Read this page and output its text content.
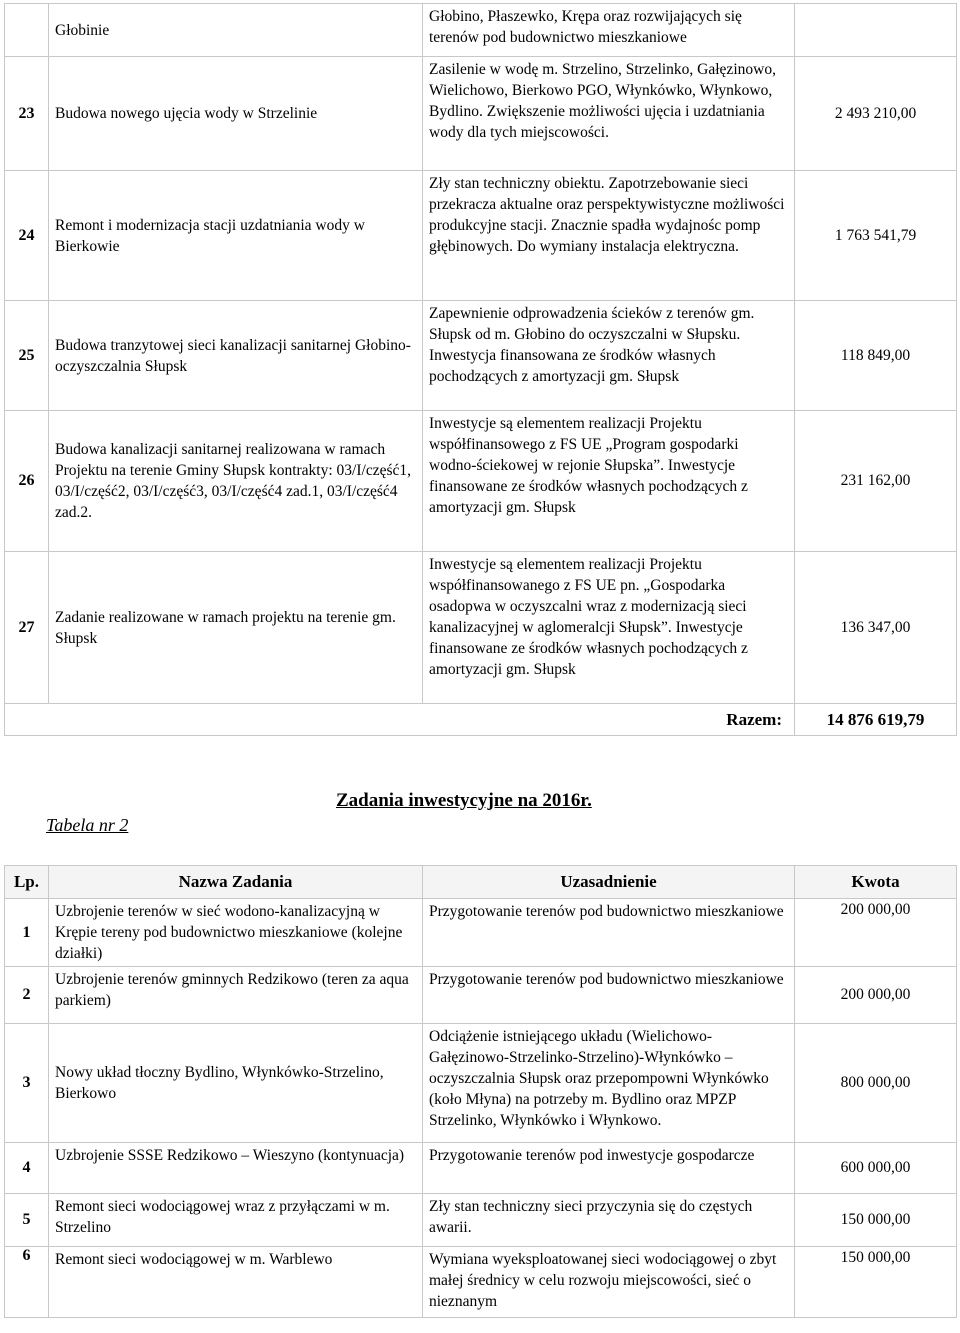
	Głobinie	Głobino, Płaszewko, Krępa oraz rozwijających się terenów pod budownictwo mieszkaniowe	
23	Budowa nowego ujęcia wody w Strzelinie	Zasilenie w wodę m. Strzelino, Strzelinko, Gałęzinowo, Wielichowo, Bierkowo PGO, Włynkówko, Włynkowo, Bydlino. Zwiększenie możliwości ujęcia i uzdatniania wody dla tych miejscowości.	2 493 210,00
24	Remont i modernizacja stacji uzdatniania wody w Bierkowie	Zły stan techniczny obiektu. Zapotrzebowanie sieci przekracza aktualne oraz perspektywistyczne możliwości produkcyjne stacji. Znacznie spadła wydajnośc pomp głębinowych. Do wymiany instalacja elektryczna.	1 763 541,79
25	Budowa tranzytowej sieci kanalizacji sanitarnej Głobino-oczyszczalnia Słupsk	Zapewnienie odprowadzenia ścieków z terenów gm. Słupsk od m. Głobino do oczyszczalni w Słupsku. Inwestycja finansowana ze środków własnych pochodzących z amortyzacji gm. Słupsk	118 849,00
26	Budowa kanalizacji sanitarnej realizowana w ramach Projektu na terenie Gminy Słupsk kontrakty: 03/I/część1, 03/I/część2, 03/I/część3, 03/I/część4 zad.1, 03/I/część4 zad.2.	Inwestycje są elementem realizacji Projektu współfinansowego z FS UE „Program gospodarki wodno-ściekowej w rejonie Słupska”. Inwestycje finansowane ze środków własnych pochodzących z amortyzacji gm. Słupsk	231 162,00
27	Zadanie realizowane w ramach projektu na terenie gm. Słupsk	Inwestycje są elementem realizacji Projektu współfinansowanego z FS UE pn. „Gospodarka osadopwa w oczyszcalni wraz z modernizacją sieci kanalizacyjnej w aglomeralcji Słupsk”. Inwestycje finansowane ze środków własnych pochodzących z amortyzacji gm. Słupsk	136 347,00
Razem:			14 876 619,79
Zadania inwestycyjne na 2016r.
Tabela nr 2
Lp.	Nazwa Zadania	Uzasadnienie	Kwota
1	Uzbrojenie terenów w sieć wodono-kanalizacyjną w Krępie tereny pod budownictwo mieszkaniowe (kolejne działki)	Przygotowanie terenów pod budownictwo mieszkaniowe	200 000,00
2	Uzbrojenie terenów gminnych Redzikowo (teren za aqua parkiem)	Przygotowanie terenów pod budownictwo mieszkaniowe	200 000,00
3	Nowy układ tłoczny Bydlino, Włynkówko-Strzelino, Bierkowo	Odciążenie istniejącego układu (Wielichowo-Gałęzinowo-Strzelinko-Strzelino)-Włynkówko – oczyszczalnia Słupsk oraz przepompowni Włynkówko (koło Młyna) na potrzeby m. Bydlino oraz MPZP Strzelinko, Włynkówko i Włynkowo.	800 000,00
4	Uzbrojenie SSSE Redzikowo – Wieszyno (kontynuacja)	Przygotowanie terenów pod inwestycje gospodarcze	600 000,00
5	Remont sieci wodociągowej wraz z przyłączami w m. Strzelino	Zły stan techniczny sieci przyczynia się do częstych awarii.	150 000,00
6	Remont sieci wodociągowej w m. Warblewo	Wymiana wyeksploatowanej sieci wodociągowej o zbyt małej średnicy w celu rozwoju miejscowości, sieć o nieznanym	150 000,00
